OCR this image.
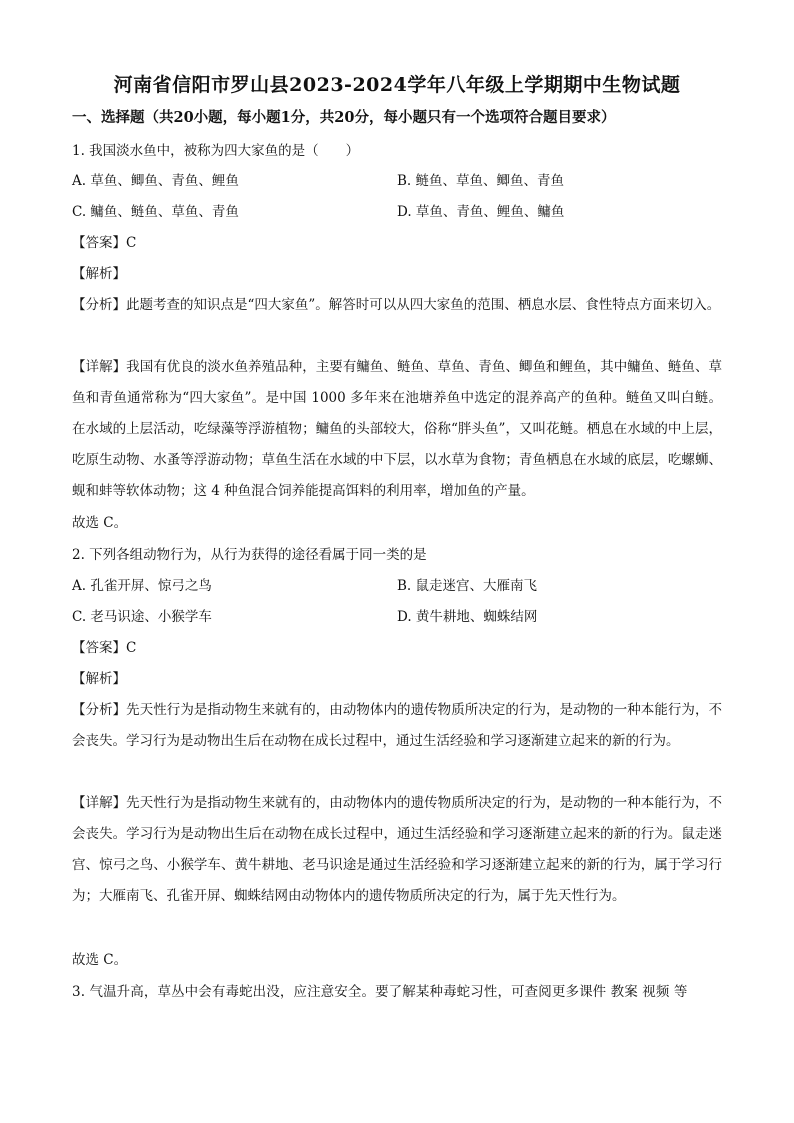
河南省信阳市罗山县2023-2024学年八年级上学期期中生物试题
一、选择题（共20小题，每小题1分，共20分，每小题只有一个选项符合题目要求）
1. 我国淡水鱼中，被称为四大家鱼的是（　　）
A. 草鱼、鲫鱼、青鱼、鲤鱼	B. 鲢鱼、草鱼、鲫鱼、青鱼
C. 鳙鱼、鲢鱼、草鱼、青鱼	D. 草鱼、青鱼、鲤鱼、鳙鱼
【答案】C
【解析】
【分析】此题考查的知识点是“四大家鱼”。解答时可以从四大家鱼的范围、栖息水层、食性特点方面来切入。
【详解】我国有优良的淡水鱼养殖品种，主要有鳙鱼、鲢鱼、草鱼、青鱼、鲫鱼和鲤鱼，其中鳙鱼、鲢鱼、草鱼和青鱼通常称为“四大家鱼”。是中国 1000 多年来在池塘养鱼中选定的混养高产的鱼种。鲢鱼又叫白鲢。在水域的上层活动，吃绿藻等浮游植物；鳙鱼的头部较大，俗称“胖头鱼”，又叫花鲢。栖息在水域的中上层，吃原生动物、水蚤等浮游动物；草鱼生活在水域的中下层，以水草为食物；青鱼栖息在水域的底层，吃螺蛳、蚬和蚌等软体动物；这 4 种鱼混合饲养能提高饵料的利用率，增加鱼的产量。
故选 C。
2. 下列各组动物行为，从行为获得的途径看属于同一类的是
A. 孔雀开屏、惊弓之鸟	B. 鼠走迷宫、大雁南飞
C. 老马识途、小猴学车	D. 黄牛耕地、蜘蛛结网
【答案】C
【解析】
【分析】先天性行为是指动物生来就有的，由动物体内的遗传物质所决定的行为，是动物的一种本能行为，不会丧失。学习行为是动物出生后在动物在成长过程中，通过生活经验和学习逐渐建立起来的新的行为。
【详解】先天性行为是指动物生来就有的，由动物体内的遗传物质所决定的行为，是动物的一种本能行为，不会丧失。学习行为是动物出生后在动物在成长过程中，通过生活经验和学习逐渐建立起来的新的行为。鼠走迷宫、惊弓之鸟、小猴学车、黄牛耕地、老马识途是通过生活经验和学习逐渐建立起来的新的行为，属于学习行为；大雁南飞、孔雀开屏、蜘蛛结网由动物体内的遗传物质所决定的行为，属于先天性行为。
故选 C。
3. 气温升高，草丛中会有毒蛇出没，应注意安全。要了解某种毒蛇习性，可查阅更多课件 教案 视频 等
